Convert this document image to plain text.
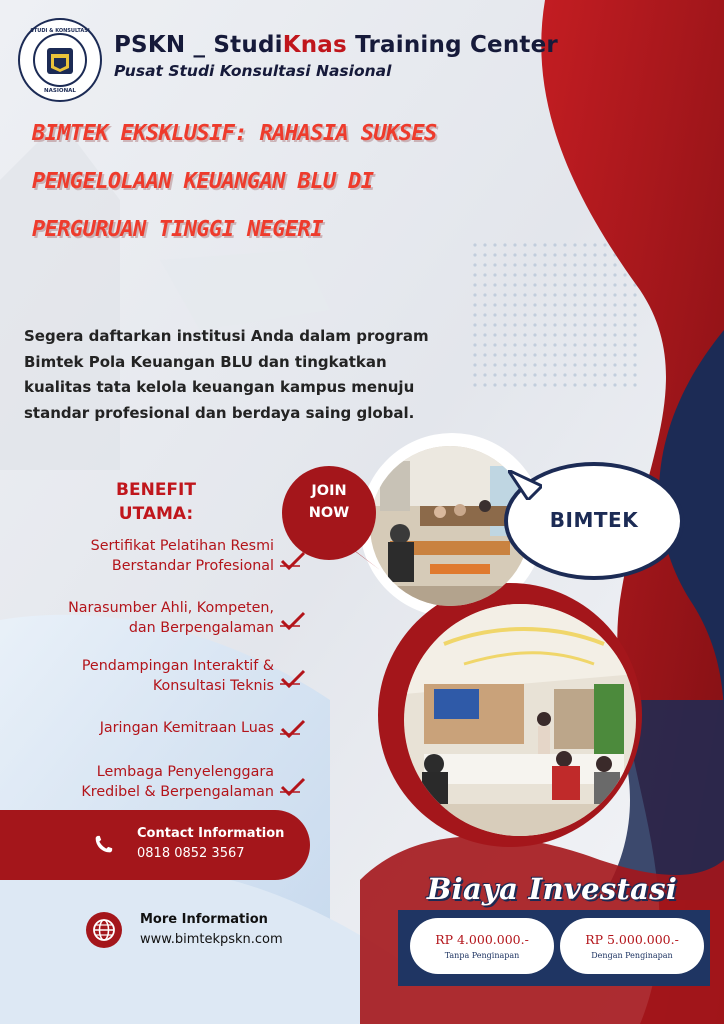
NASIONAL
STUDI & KONSULTASI
PSKN _ StudiKnas Training Center
Pusat Studi Konsultasi Nasional
BIMTEK EKSKLUSIF: RAHASIA SUKSES
PENGELOLAAN KEUANGAN BLU DI
PERGURUAN TINGGI NEGERI
Segera daftarkan institusi Anda dalam program
Bimtek Pola Keuangan BLU dan tingkatkan
kualitas tata kelola keuangan kampus menuju
standar profesional dan berdaya saing global.
BENEFIT
UTAMA:
Sertifikat Pelatihan Resmi
Berstandar Profesional
Narasumber Ahli, Kompeten,
dan Berpengalaman
Pendampingan Interaktif &
Konsultasi Teknis
Jaringan Kemitraan Luas
Lembaga Penyelenggara
Kredibel & Berpengalaman
JOIN
NOW	BIMTEK
Contact Information
0818 0852 3567
More Information
www.bimtekpskn.com
Biaya Investasi
RP 4.000.000.-
Tanpa Penginapan
RP 5.000.000.-
Dengan Penginapan
